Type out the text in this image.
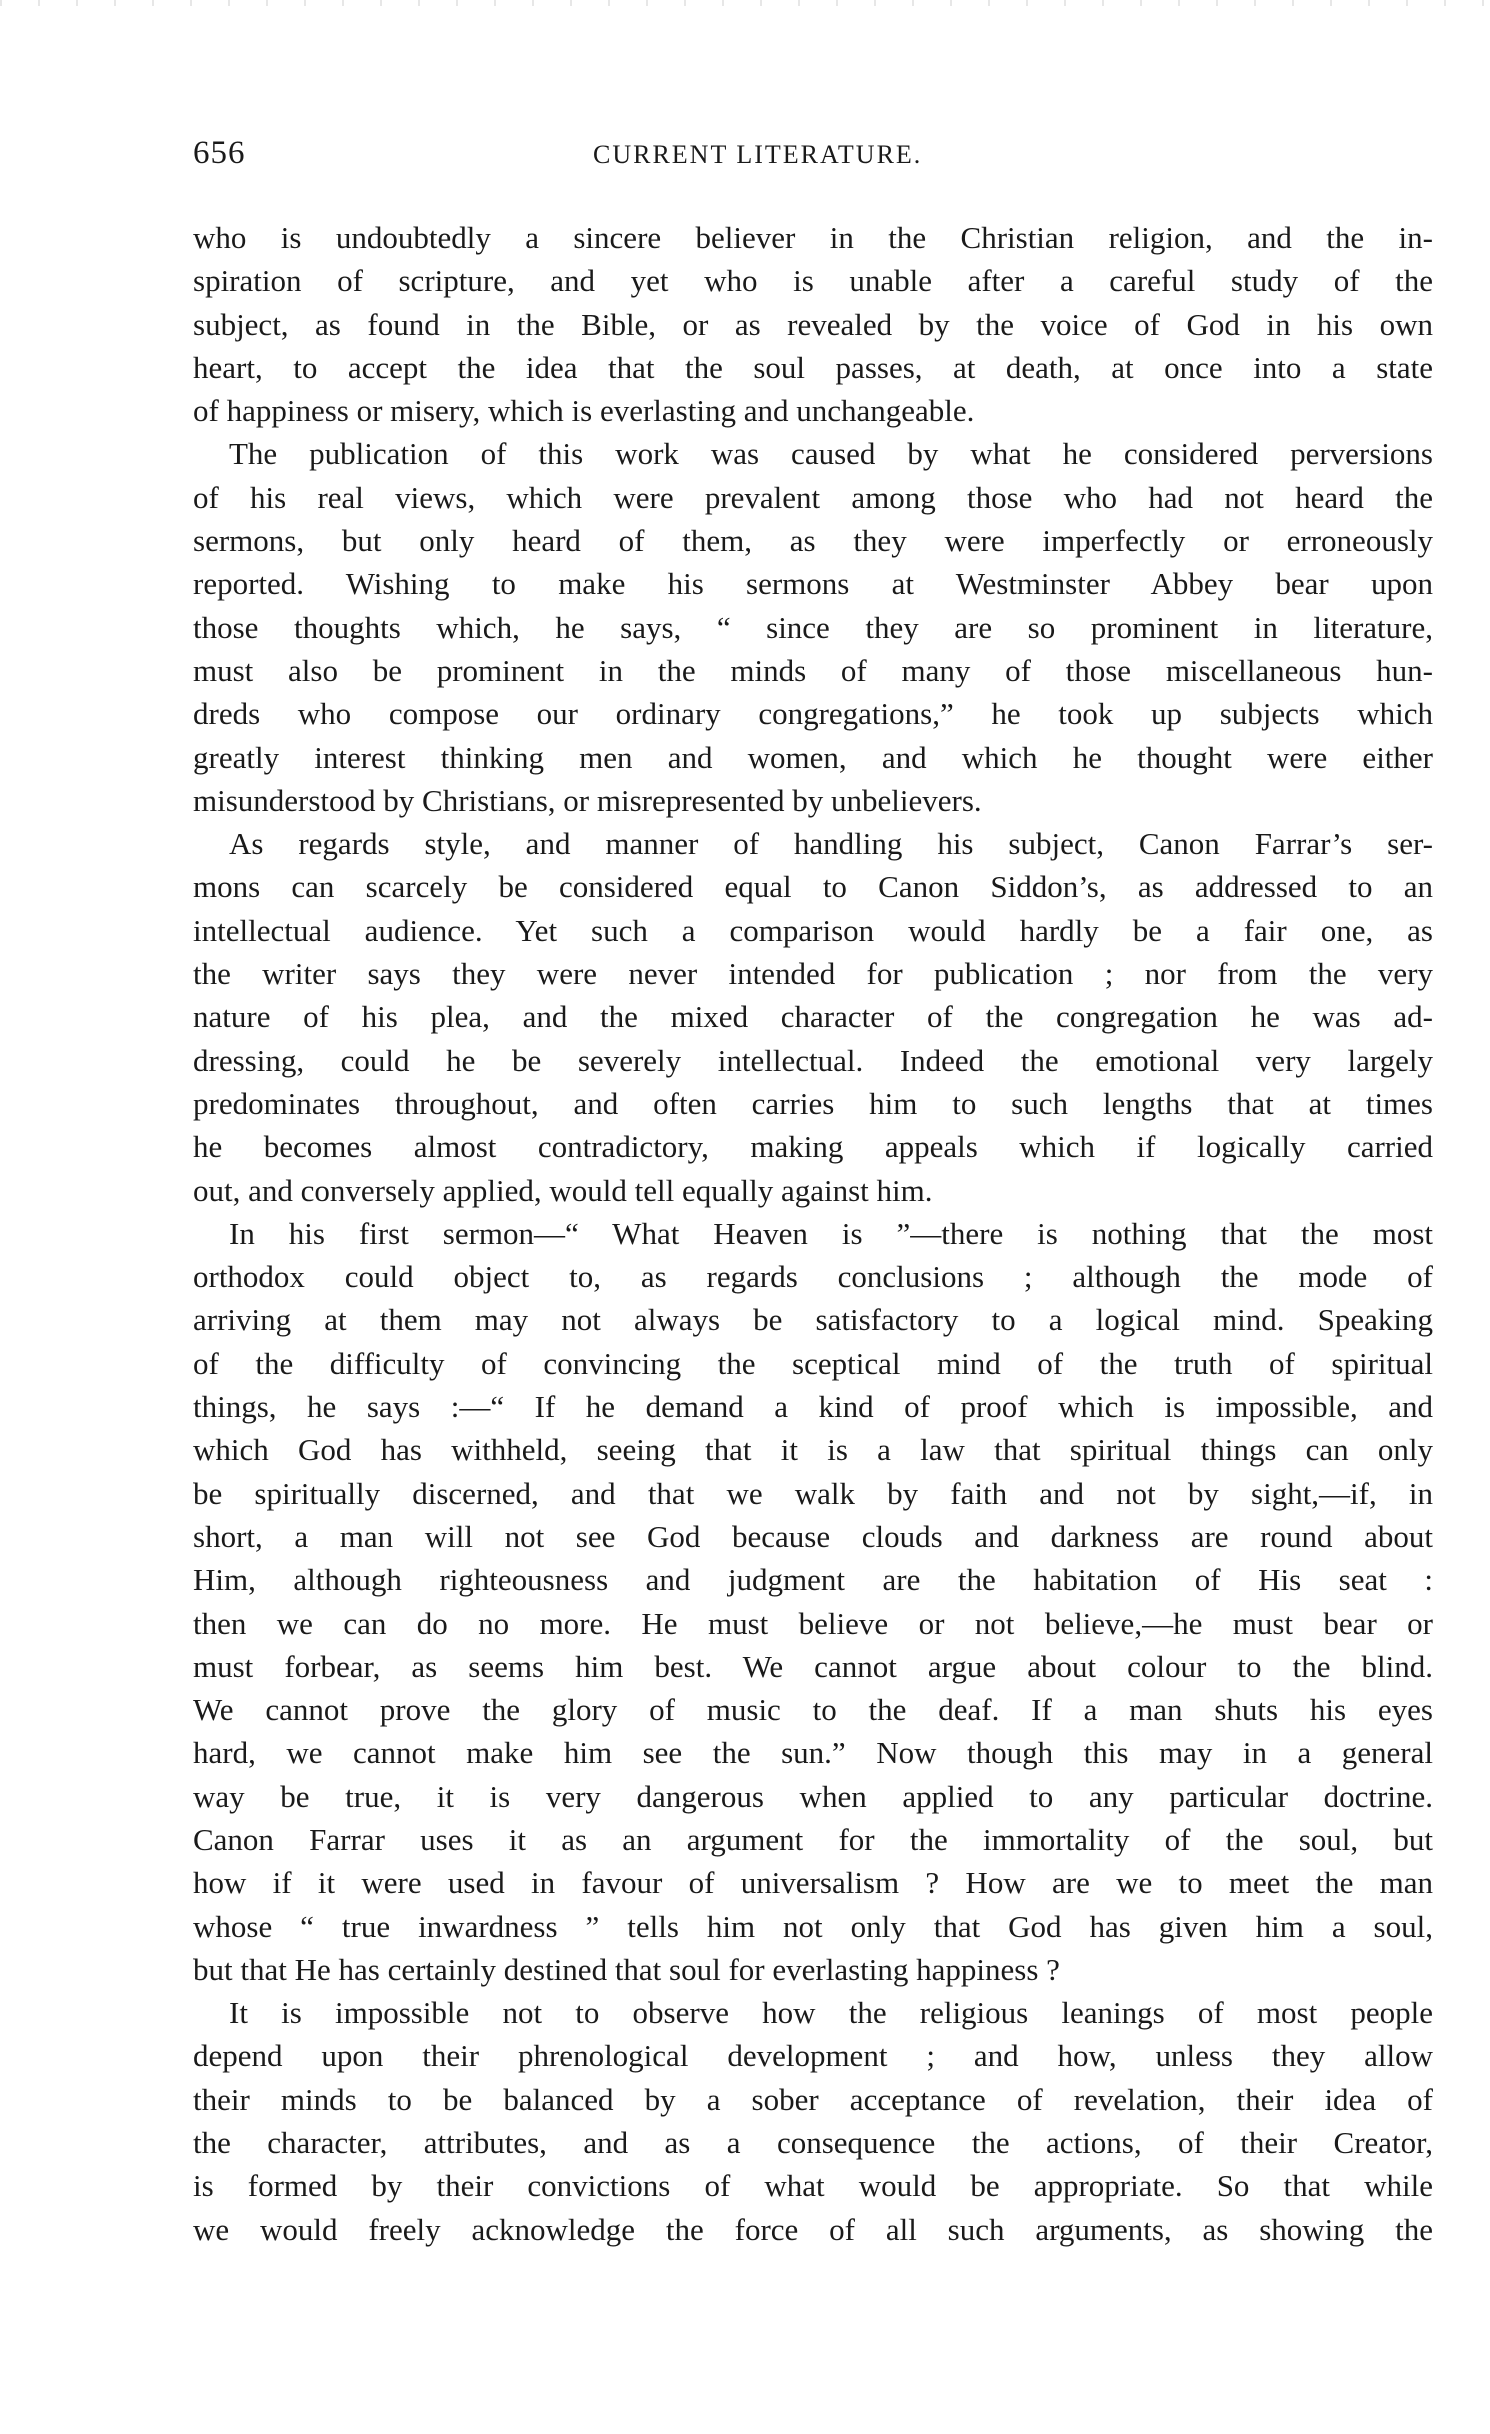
656	CURRENT LITERATURE.
who is undoubtedly a sincere believer in the Christian religion, and the in-
spiration of scripture, and yet who is unable after a careful study of the
subject, as found in the Bible, or as revealed by the voice of God in his own
heart, to accept the idea that the soul passes, at death, at once into a state
of happiness or misery, which is everlasting and unchangeable.
The publication of this work was caused by what he considered perversions
of his real views, which were prevalent among those who had not heard the
sermons, but only heard of them, as they were imperfectly or erroneously
reported. Wishing to make his sermons at Westminster Abbey bear upon
those thoughts which, he says, “ since they are so prominent in literature,
must also be prominent in the minds of many of those miscellaneous hun-
dreds who compose our ordinary congregations,” he took up subjects which
greatly interest thinking men and women, and which he thought were either
misunderstood by Christians, or misrepresented by unbelievers.
As regards style, and manner of handling his subject, Canon Farrar’s ser-
mons can scarcely be considered equal to Canon Siddon’s, as addressed to an
intellectual audience. Yet such a comparison would hardly be a fair one, as
the writer says they were never intended for publication ; nor from the very
nature of his plea, and the mixed character of the congregation he was ad-
dressing, could he be severely intellectual. Indeed the emotional very largely
predominates throughout, and often carries him to such lengths that at times
he becomes almost contradictory, making appeals which if logically carried
out, and conversely applied, would tell equally against him.
In his first sermon—“ What Heaven is ”—there is nothing that the most
orthodox could object to, as regards conclusions ; although the mode of
arriving at them may not always be satisfactory to a logical mind. Speaking
of the difficulty of convincing the sceptical mind of the truth of spiritual
things, he says :—“ If he demand a kind of proof which is impossible, and
which God has withheld, seeing that it is a law that spiritual things can only
be spiritually discerned, and that we walk by faith and not by sight,—if, in
short, a man will not see God because clouds and darkness are round about
Him, although righteousness and judgment are the habitation of His seat :
then we can do no more. He must believe or not believe,—he must bear or
must forbear, as seems him best. We cannot argue about colour to the blind.
We cannot prove the glory of music to the deaf. If a man shuts his eyes
hard, we cannot make him see the sun.” Now though this may in a general
way be true, it is very dangerous when applied to any particular doctrine.
Canon Farrar uses it as an argument for the immortality of the soul, but
how if it were used in favour of universalism ? How are we to meet the man
whose “ true inwardness ” tells him not only that God has given him a soul,
but that He has certainly destined that soul for everlasting happiness ?
It is impossible not to observe how the religious leanings of most people
depend upon their phrenological development ; and how, unless they allow
their minds to be balanced by a sober acceptance of revelation, their idea of
the character, attributes, and as a consequence the actions, of their Creator,
is formed by their convictions of what would be appropriate. So that while
we would freely acknowledge the force of all such arguments, as showing the
